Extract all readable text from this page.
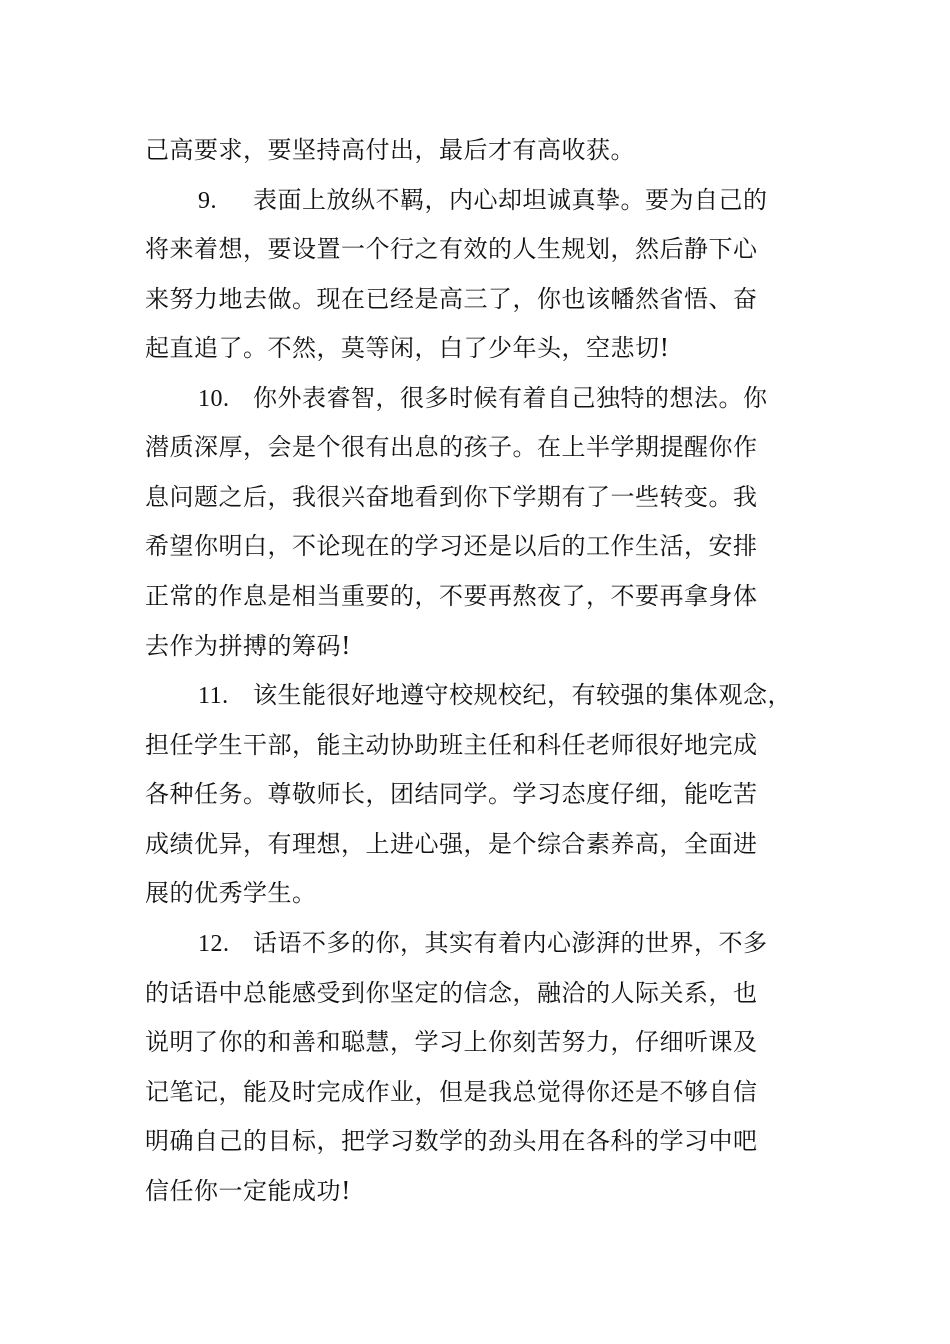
己高要求，要坚持高付出，最后才有高收获。
9. 表面上放纵不羁，内心却坦诚真挚。要为自己的
将来着想，要设置一个行之有效的人生规划，然后静下心
来努力地去做。现在已经是高三了，你也该幡然省悟、奋
起直追了。不然，莫等闲，白了少年头，空悲切!
10. 你外表睿智，很多时候有着自己独特的想法。你
潜质深厚，会是个很有出息的孩子。在上半学期提醒你作
息问题之后，我很兴奋地看到你下学期有了一些转变。我
希望你明白，不论现在的学习还是以后的工作生活，安排
正常的作息是相当重要的，不要再熬夜了，不要再拿身体
去作为拼搏的筹码!
11. 该生能很好地遵守校规校纪，有较强的集体观念，
担任学生干部，能主动协助班主任和科任老师很好地完成
各种任务。尊敬师长，团结同学。学习态度仔细，能吃苦
成绩优异，有理想，上进心强，是个综合素养高，全面进
展的优秀学生。
12. 话语不多的你，其实有着内心澎湃的世界，不多
的话语中总能感受到你坚定的信念，融洽的人际关系，也
说明了你的和善和聪慧，学习上你刻苦努力，仔细听课及
记笔记，能及时完成作业，但是我总觉得你还是不够自信
明确自己的目标，把学习数学的劲头用在各科的学习中吧
信任你一定能成功!
